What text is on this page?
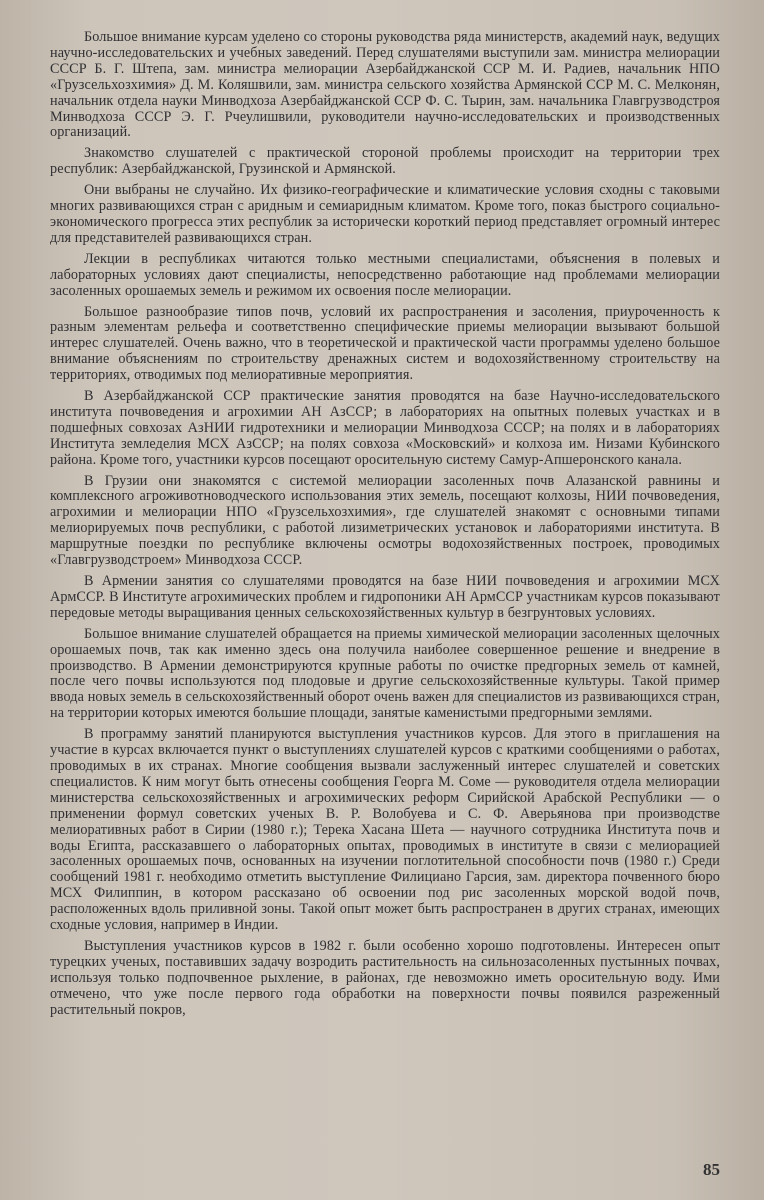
Большое внимание курсам уделено со стороны руководства ряда министерств, академий наук, ведущих научно-исследовательских и учебных заведений. Перед слушателями выступили зам. министра мелиорации СССР Б. Г. Штепа, зам. министра мелиорации Азербайджанской ССР М. И. Радиев, начальник НПО «Грузсельхозхимия» Д. М. Коляшвили, зам. министра сельского хозяйства Армянской ССР М. С. Мелконян, начальник отдела науки Минводхоза Азербайджанской ССР Ф. С. Тырин, зам. начальника Главгрузводстроя Минводхоза СССР Э. Г. Рчеулишвили, руководители научно-исследовательских и производственных организаций.

Знакомство слушателей с практической стороной проблемы происходит на территории трех республик: Азербайджанской, Грузинской и Армянской.

Они выбраны не случайно. Их физико-географические и климатические условия сходны с таковыми многих развивающихся стран с аридным и семиаридным климатом. Кроме того, показ быстрого социально-экономического прогресса этих республик за исторически короткий период представляет огромный интерес для представителей развивающихся стран.

Лекции в республиках читаются только местными специалистами, объяснения в полевых и лабораторных условиях дают специалисты, непосредственно работающие над проблемами мелиорации засоленных орошаемых земель и режимом их освоения после мелиорации.

Большое разнообразие типов почв, условий их распространения и засоления, приуроченность к разным элементам рельефа и соответственно специфические приемы мелиорации вызывают большой интерес слушателей. Очень важно, что в теоретической и практической части программы уделено большое внимание объяснениям по строительству дренажных систем и водохозяйственному строительству на территориях, отводимых под мелиоративные мероприятия.

В Азербайджанской ССР практические занятия проводятся на базе Научно-исследовательского института почвоведения и агрохимии АН АзССР; в лабораториях на опытных полевых участках и в подшефных совхозах АзНИИ гидротехники и мелиорации Минводхоза СССР; на полях и в лабораториях Института земледелия МСХ АзССР; на полях совхоза «Московский» и колхоза им. Низами Кубинского района. Кроме того, участники курсов посещают оросительную систему Самур-Апшеронского канала.

В Грузии они знакомятся с системой мелиорации засоленных почв Алазанской равнины и комплексного агроживотноводческого использования этих земель, посещают колхозы, НИИ почвоведения, агрохимии и мелиорации НПО «Грузсельхозхимия», где слушателей знакомят с основными типами мелиорируемых почв республики, с работой лизиметрических установок и лабораториями института. В маршрутные поездки по республике включены осмотры водохозяйственных построек, проводимых «Главгрузводстроем» Минводхоза СССР.

В Армении занятия со слушателями проводятся на базе НИИ почвоведения и агрохимии МСХ АрмССР. В Институте агрохимических проблем и гидропоники АН АрмССР участникам курсов показывают передовые методы выращивания ценных сельскохозяйственных культур в безгрунтовых условиях.

Большое внимание слушателей обращается на приемы химической мелиорации засоленных щелочных орошаемых почв, так как именно здесь она получила наиболее совершенное решение и внедрение в производство. В Армении демонстрируются крупные работы по очистке предгорных земель от камней, после чего почвы используются под плодовые и другие сельскохозяйственные культуры. Такой пример ввода новых земель в сельскохозяйственный оборот очень важен для специалистов из развивающихся стран, на территории которых имеются большие площади, занятые каменистыми предгорными землями.

В программу занятий планируются выступления участников курсов. Для этого в приглашения на участие в курсах включается пункт о выступлениях слушателей курсов с краткими сообщениями о работах, проводимых в их странах. Многие сообщения вызвали заслуженный интерес слушателей и советских специалистов. К ним могут быть отнесены сообщения Георга М. Соме — руководителя отдела мелиорации министерства сельскохозяйственных и агрохимических реформ Сирийской Арабской Республики — о применении формул советских ученых В. Р. Волобуева и С. Ф. Аверьянова при производстве мелиоративных работ в Сирии (1980 г.); Терека Хасана Шета — научного сотрудника Института почв и воды Египта, рассказавшего о лабораторных опытах, проводимых в институте в связи с мелиорацией засоленных орошаемых почв, основанных на изучении поглотительной способности почв (1980 г.) Среди сообщений 1981 г. необходимо отметить выступление Филициано Гарсия, зам. директора почвенного бюро МСХ Филиппин, в котором рассказано об освоении под рис засоленных морской водой почв, расположенных вдоль приливной зоны. Такой опыт может быть распространен в других странах, имеющих сходные условия, например в Индии.

Выступления участников курсов в 1982 г. были особенно хорошо подготовлены. Интересен опыт турецких ученых, поставивших задачу возродить растительность на сильнозасоленных пустынных почвах, используя только подпочвенное рыхление, в районах, где невозможно иметь оросительную воду. Ими отмечено, что уже после первого года обработки на поверхности почвы появился разреженный растительный покров,

85
